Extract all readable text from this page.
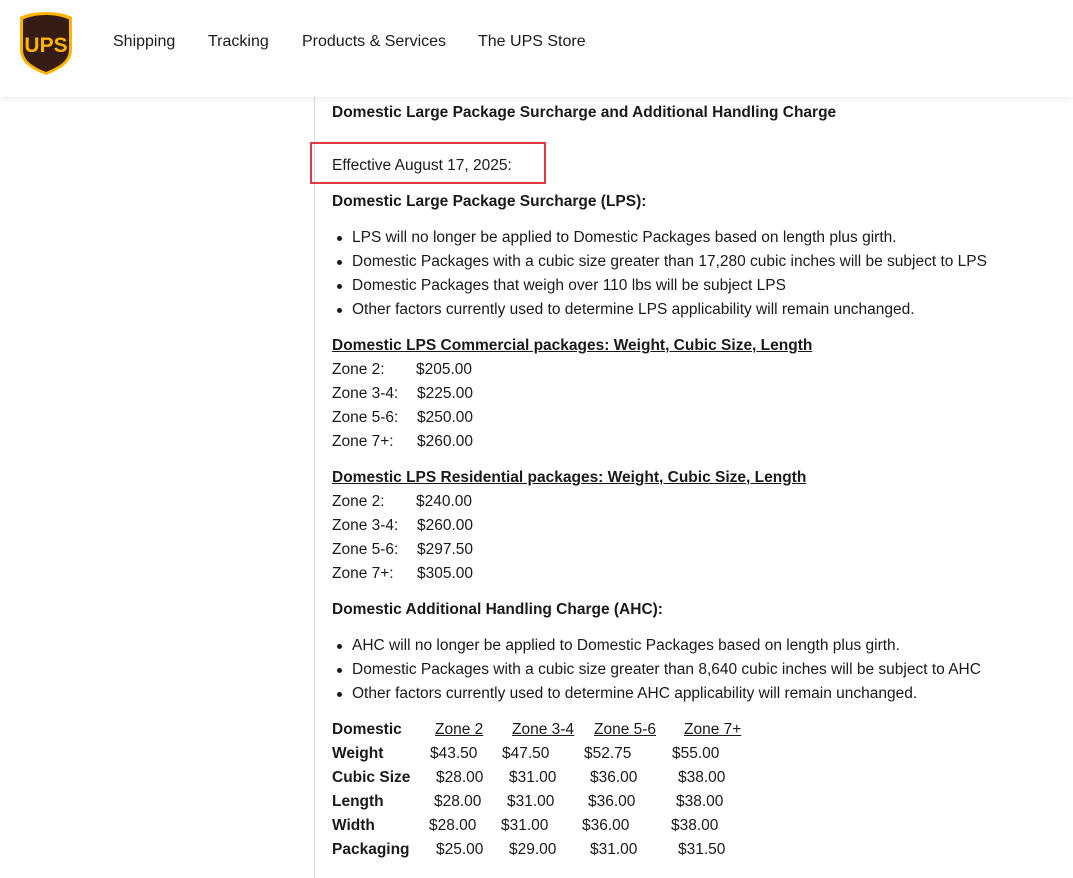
UPS	Shipping Tracking Products & Services The UPS Store
Domestic Large Package Surcharge and Additional Handling Charge
Effective August 17, 2025:
Domestic Large Package Surcharge (LPS):
LPS will no longer be applied to Domestic Packages based on length plus girth.
Domestic Packages with a cubic size greater than 17,280 cubic inches will be subject to LPS
Domestic Packages that weigh over 110 lbs will be subject LPS
Other factors currently used to determine LPS applicability will remain unchanged.
Domestic LPS Commercial packages: Weight, Cubic Size, Length
Zone 2: $205.00
Zone 3-4: $225.00
Zone 5-6: $250.00
Zone 7+: $260.00
Domestic LPS Residential packages: Weight, Cubic Size, Length
Zone 2: $240.00
Zone 3-4: $260.00
Zone 5-6: $297.50
Zone 7+: $305.00
Domestic Additional Handling Charge (AHC):
AHC will no longer be applied to Domestic Packages based on length plus girth.
Domestic Packages with a cubic size greater than 8,640 cubic inches will be subject to AHC
Other factors currently used to determine AHC applicability will remain unchanged.
Domestic Zone 2 Zone 3-4 Zone 5-6 Zone 7+
Weight	$43.50 $47.50 $52.75	$55.00
Cubic Size $28.00 $31.00 $36.00	$38.00
Length	$28.00 $31.00 $36.00	$38.00
Width	$28.00 $31.00 $36.00	$38.00
Packaging $25.00 $29.00 $31.00	$31.50
